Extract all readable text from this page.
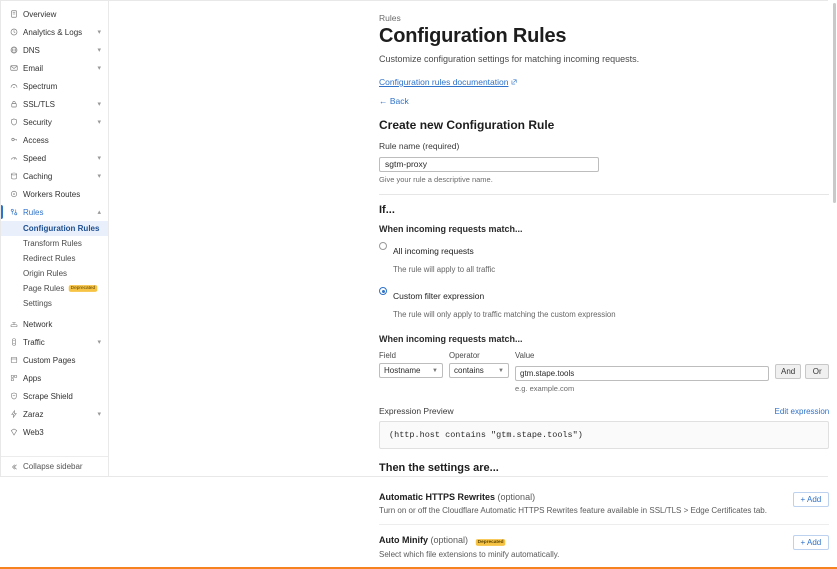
Overview
Analytics & Logs	▾
DNS	▾
Email	▾
Spectrum
SSL/TLS	▾
Security	▾
Access
Speed	▾
Caching	▾
Workers Routes
Rules	▴
Configuration Rules
Transform Rules
Redirect Rules
Origin Rules
Page Rules	Deprecated
Settings
Network
Traffic	▾
Custom Pages
Apps
Scrape Shield
Zaraz	▾
Web3
Collapse sidebar
Rules
Configuration Rules
Customize configuration settings for matching incoming requests.
Configuration rules documentation
← Back
Create new Configuration Rule
Rule name (required)
sgtm-proxy
Give your rule a descriptive name.
If...
When incoming requests match...
All incoming requests
The rule will apply to all traffic
Custom filter expression
The rule will only apply to traffic matching the custom expression
When incoming requests match...
Field
Hostname ▼
Operator
contains ▼
Value
gtm.stape.tools
e.g. example.com
And	Or
Expression Preview	Edit expression
(http.host contains "gtm.stape.tools")
Then the settings are...
Automatic HTTPS Rewrites (optional)
Turn on or off the Cloudflare Automatic HTTPS Rewrites feature available in SSL/TLS > Edge Certificates tab.
+ Add
Auto Minify (optional) Deprecated
Select which file extensions to minify automatically.
+ Add
